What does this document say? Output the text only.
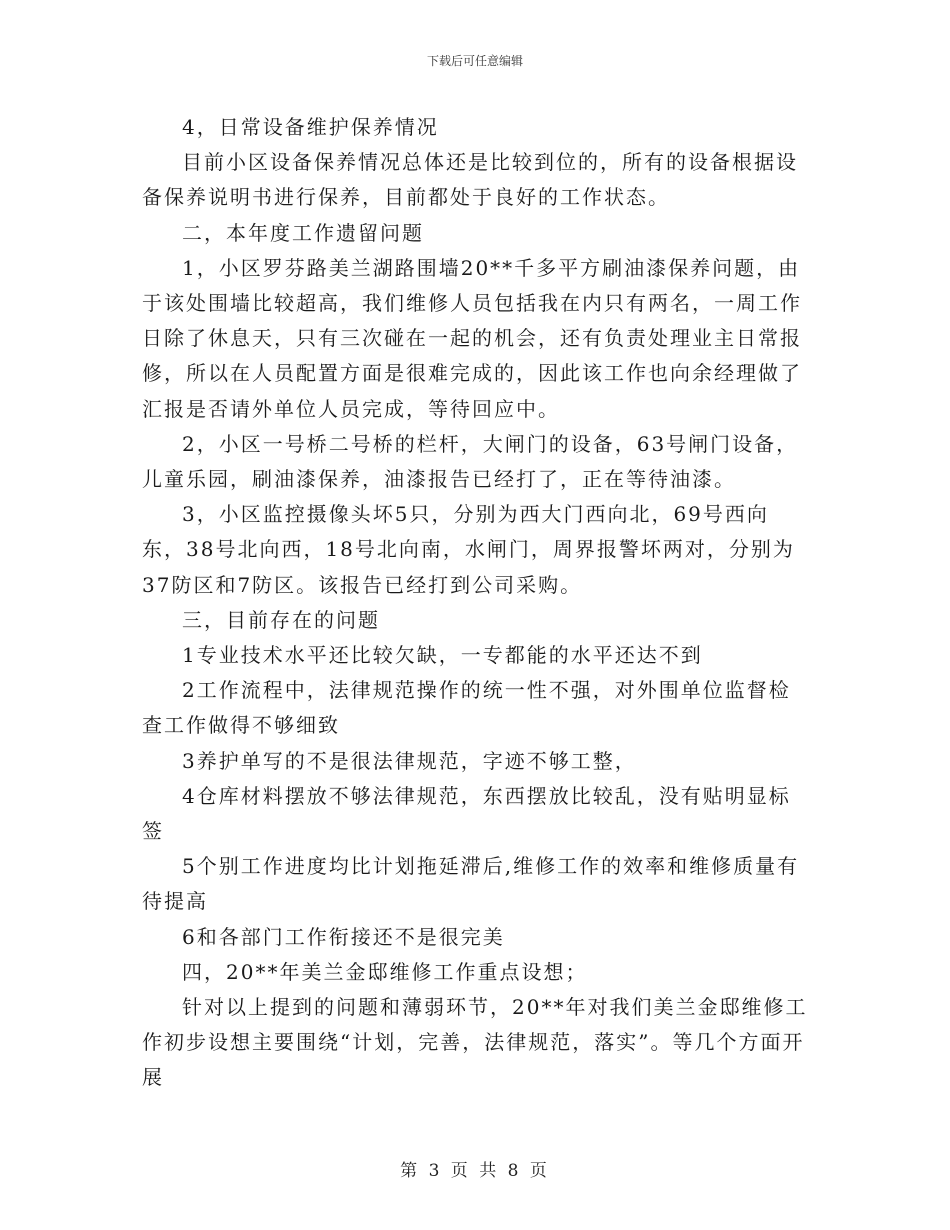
下载后可任意编辑

4，日常设备维护保养情况

目前小区设备保养情况总体还是比较到位的，所有的设备根据设备保养说明书进行保养，目前都处于良好的工作状态。

二，本年度工作遗留问题

1，小区罗芬路美兰湖路围墙20**千多平方刷油漆保养问题，由于该处围墙比较超高，我们维修人员包括我在内只有两名，一周工作日除了休息天，只有三次碰在一起的机会，还有负责处理业主日常报修，所以在人员配置方面是很难完成的，因此该工作也向余经理做了汇报是否请外单位人员完成，等待回应中。

2，小区一号桥二号桥的栏杆，大闸门的设备，63号闸门设备，儿童乐园，刷油漆保养，油漆报告已经打了，正在等待油漆。

3，小区监控摄像头坏5只，分别为西大门西向北，69号西向东，38号北向西，18号北向南，水闸门，周界报警坏两对，分别为37防区和7防区。该报告已经打到公司采购。

三，目前存在的问题

1专业技术水平还比较欠缺，一专都能的水平还达不到

2工作流程中，法律规范操作的统一性不强，对外围单位监督检查工作做得不够细致

3养护单写的不是很法律规范，字迹不够工整，

4仓库材料摆放不够法律规范，东西摆放比较乱，没有贴明显标签

5个别工作进度均比计划拖延滞后,维修工作的效率和维修质量有待提高

6和各部门工作衔接还不是很完美

四，20**年美兰金邸维修工作重点设想；

针对以上提到的问题和薄弱环节，20**年对我们美兰金邸维修工作初步设想主要围绕“计划，完善，法律规范，落实”。等几个方面开展

第 3 页 共 8 页
